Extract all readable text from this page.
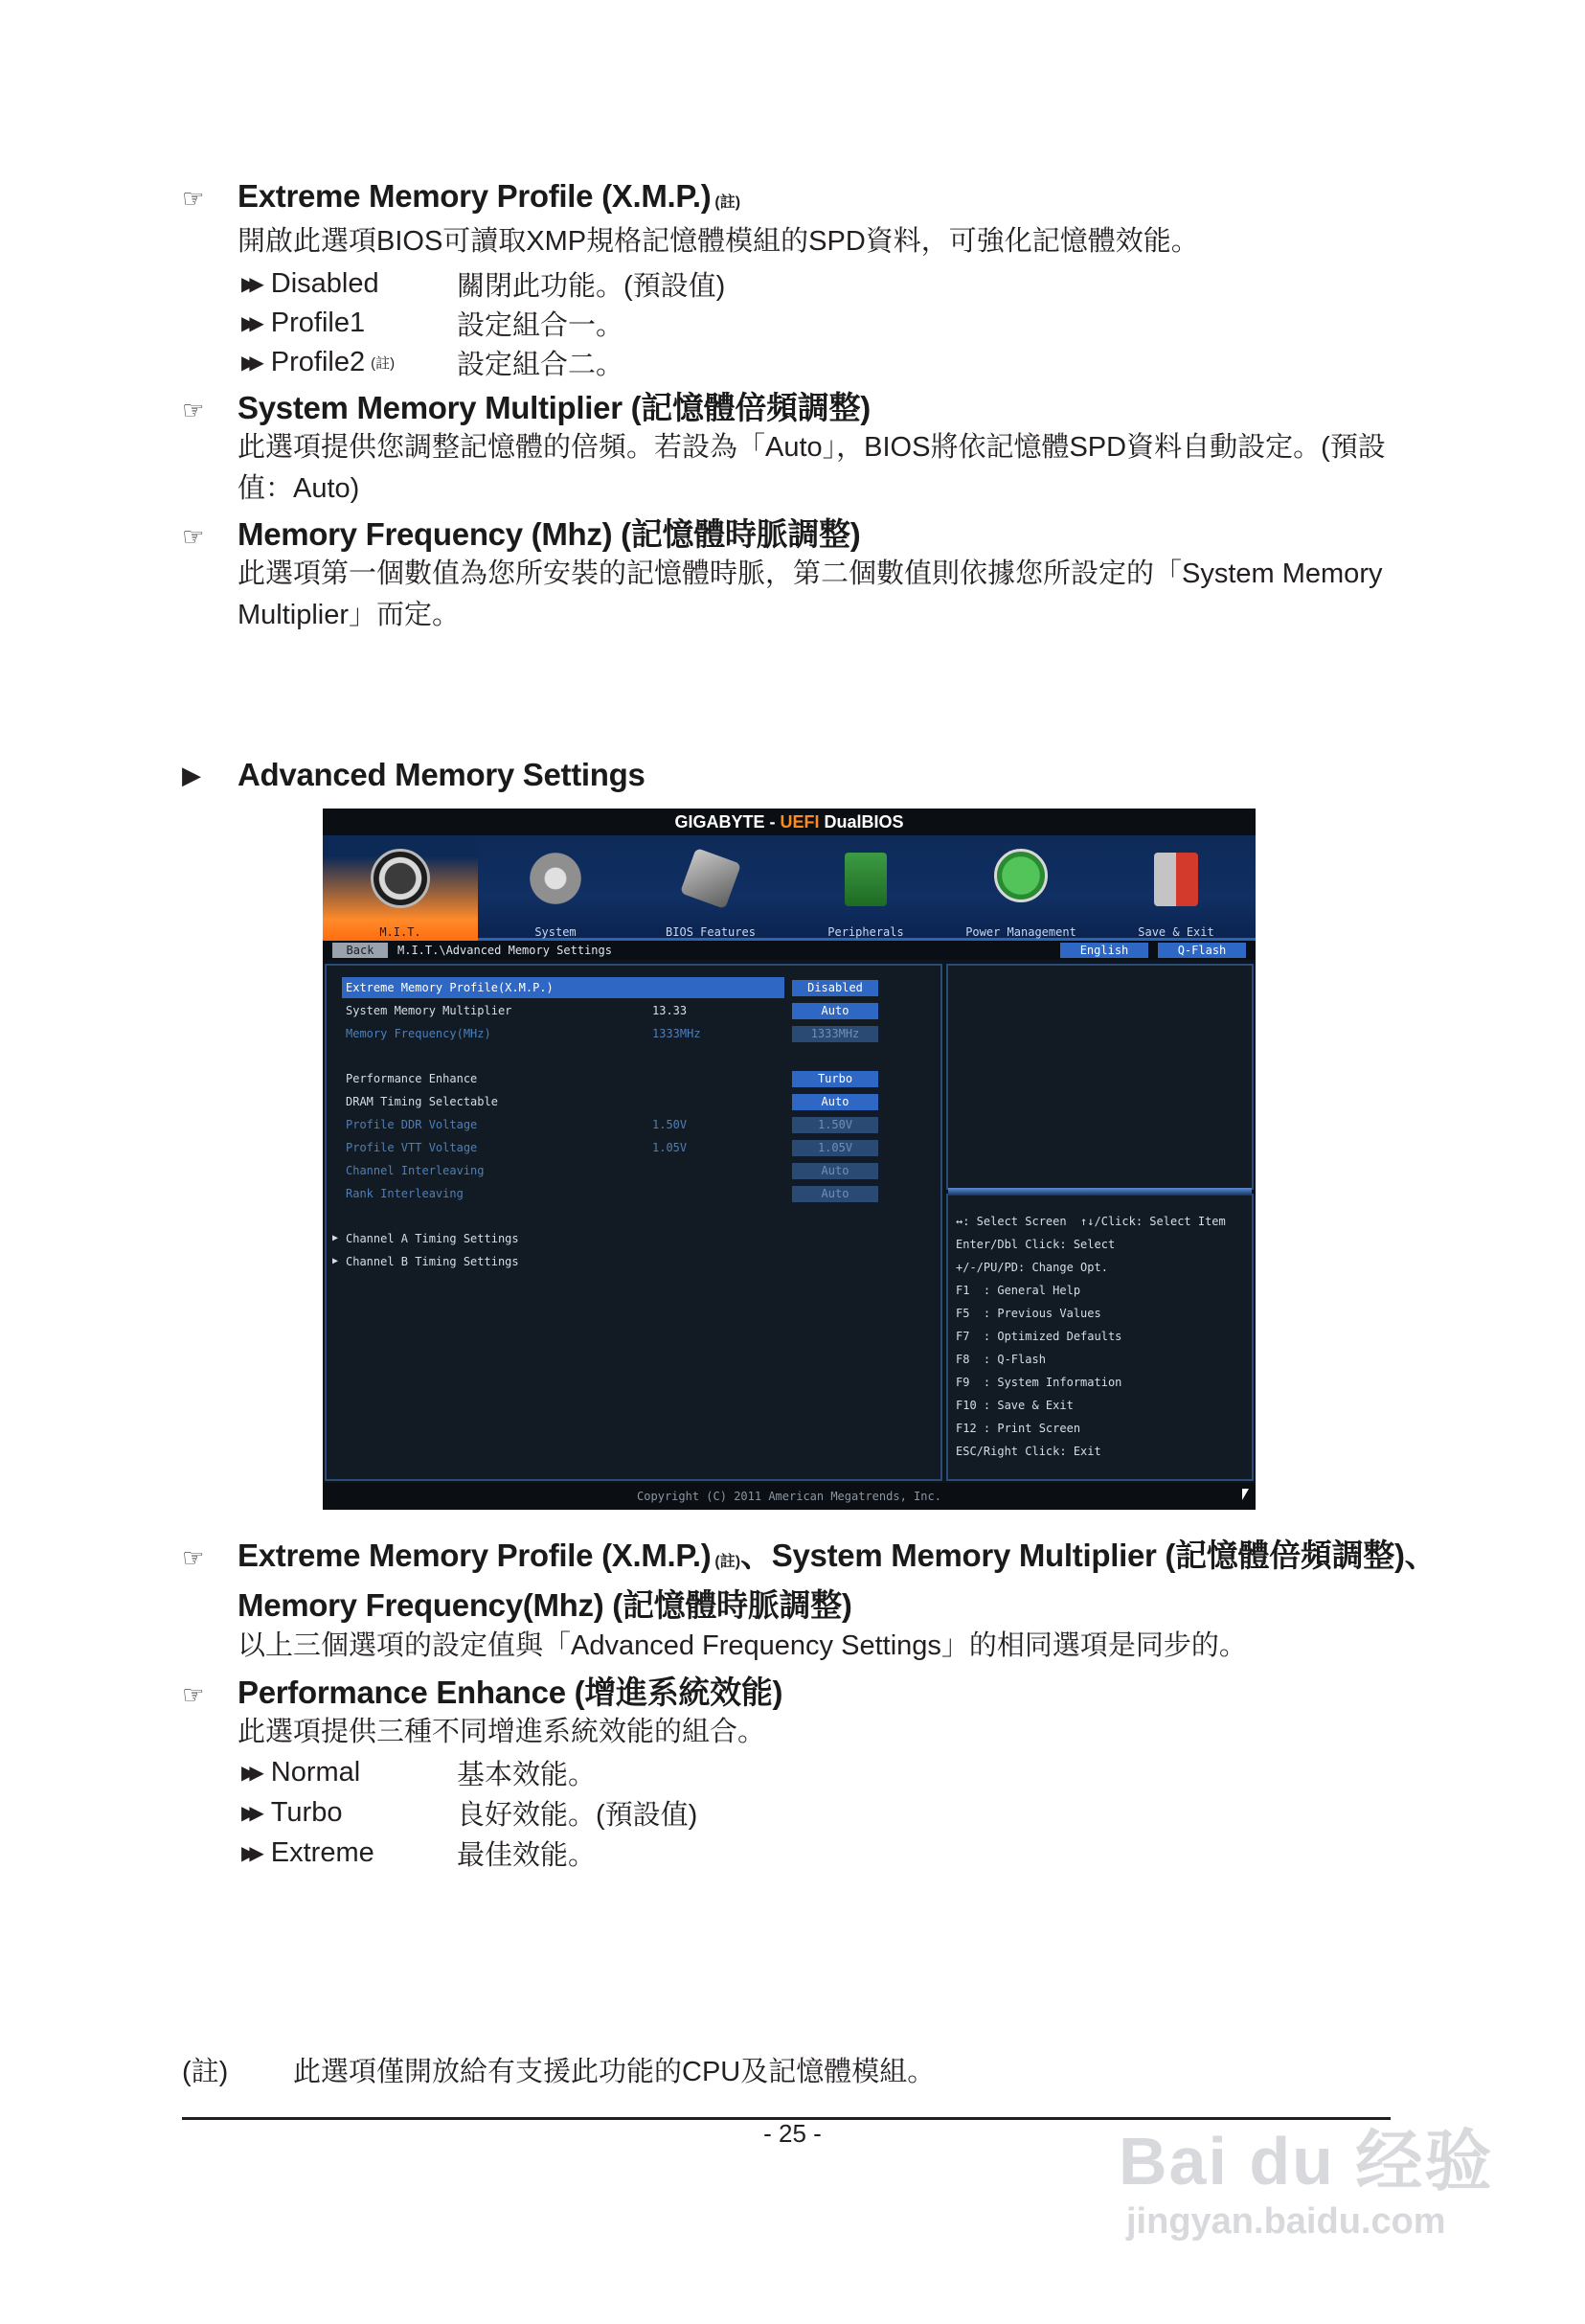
☞	Extreme Memory Profile (X.M.P.) (註)
開啟此選項BIOS可讀取XMP規格記憶體模組的SPD資料，可強化記憶體效能。
▶▶ Disabled	關閉此功能。(預設值)
▶▶ Profile1	設定組合一。
▶▶ Profile2 (註) 設定組合二。
☞	System Memory Multiplier (記憶體倍頻調整)
此選項提供您調整記憶體的倍頻。若設為「Auto」，BIOS將依記憶體SPD資料自動設定。(預設值：Auto)
☞	Memory Frequency (Mhz) (記憶體時脈調整)
此選項第一個數值為您所安裝的記憶體時脈，第二個數值則依據您所設定的「System Memory Multiplier」而定。
▶	Advanced Memory Settings
GIGABYTE - UEFI DualBIOS
M.I.T.	System	BIOS Features	Peripherals	Power Management	Save & Exit
Back	M.I.T.\Advanced Memory Settings	English	Q-Flash
Extreme Memory Profile(X.M.P.)	Disabled
System Memory Multiplier	13.33	Auto
Memory Frequency(MHz)	1333MHz	1333MHz
Performance Enhance	Turbo
DRAM Timing Selectable	Auto
Profile DDR Voltage	1.50V	1.50V
Profile VTT Voltage	1.05V	1.05V
Channel Interleaving	Auto
Rank Interleaving	Auto
▶ Channel A Timing Settings
▶ Channel B Timing Settings
↔: Select Screen  ↑↓/Click: Select Item
Enter/Dbl Click: Select
+/-/PU/PD: Change Opt.
F1  : General Help
F5  : Previous Values
F7  : Optimized Defaults
F8  : Q-Flash
F9  : System Information
F10 : Save & Exit
F12 : Print Screen
ESC/Right Click: Exit
Copyright (C) 2011 American Megatrends, Inc.
☞	Extreme Memory Profile (X.M.P.) (註) 、System Memory Multiplier (記憶體倍頻調整)、
Memory Frequency(Mhz) (記憶體時脈調整)
以上三個選項的設定值與「Advanced Frequency Settings」的相同選項是同步的。
☞	Performance Enhance (增進系統效能)
此選項提供三種不同增進系統效能的組合。
▶▶ Normal	基本效能。
▶▶ Turbo	良好效能。(預設值)
▶▶ Extreme	最佳效能。
(註)	此選項僅開放給有支援此功能的CPU及記憶體模組。
- 25 -	Bai du 经验
jingyan.baidu.com
